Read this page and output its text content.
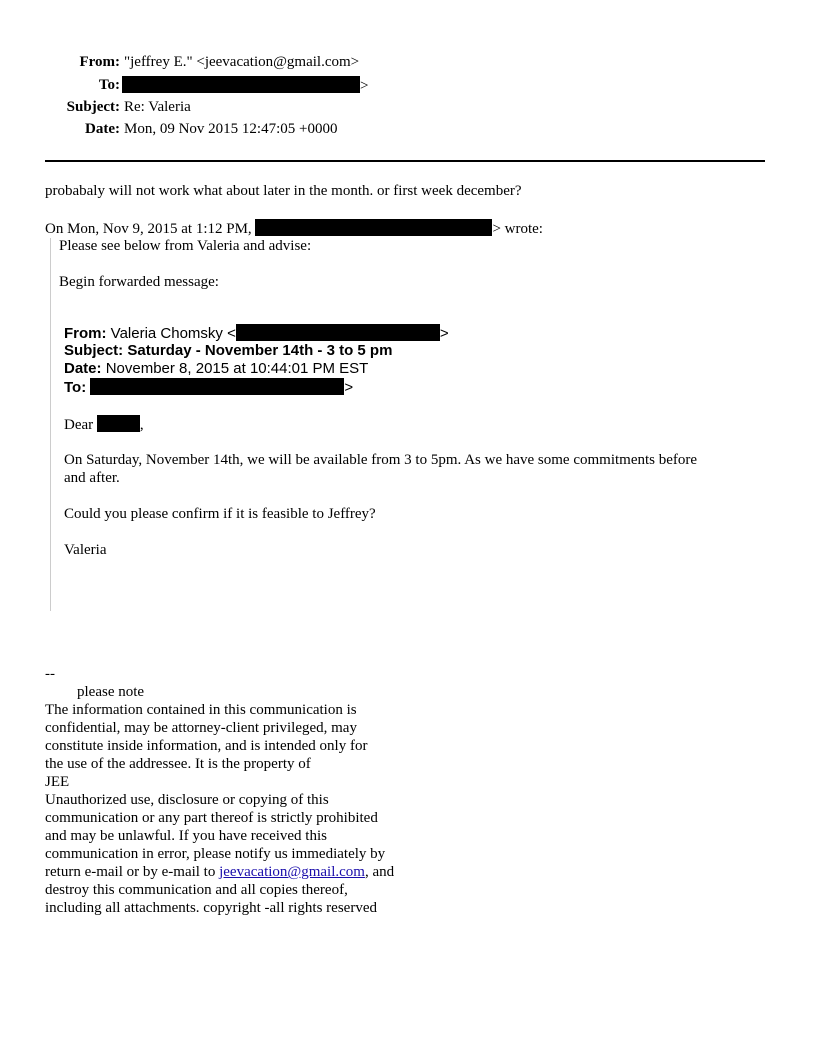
From: "jeffrey E." <jeevacation@gmail.com>
To:	>
Subject: Re: Valeria
Date: Mon, 09 Nov 2015 12:47:05 +0000
probabaly will not work what about later in the month. or first week december?
On Mon, Nov 9, 2015 at 1:12 PM,	> wrote:
Please see below from Valeria and advise:
Begin forwarded message:
From: Valeria Chomsky <	>
Subject: Saturday - November 14th - 3 to 5 pm
Date: November 8, 2015 at 10:44:01 PM EST
To:	>
Dear	,
On Saturday, November 14th, we will be available from 3 to 5pm. As we have some commitments before
and after.
Could you please confirm if it is feasible to Jeffrey?
Valeria
--
please note
The information contained in this communication is
confidential, may be attorney-client privileged, may
constitute inside information, and is intended only for
the use of the addressee. It is the property of
JEE
Unauthorized use, disclosure or copying of this
communication or any part thereof is strictly prohibited
and may be unlawful. If you have received this
communication in error, please notify us immediately by
return e-mail or by e-mail to jeevacation@gmail.com, and
destroy this communication and all copies thereof,
including all attachments. copyright -all rights reserved
